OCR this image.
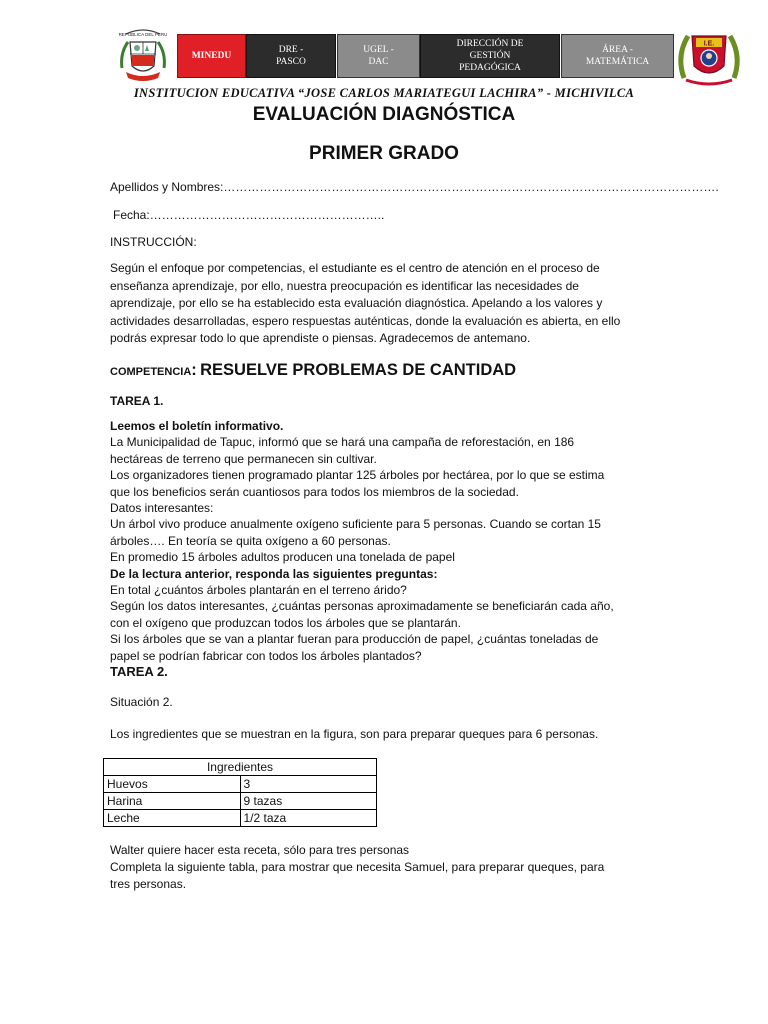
REPUBLICA DEL PERU
MINEDU
DRE -
PASCO
UGEL -
DAC
DIRECCIÓN DE
GESTIÓN
PEDAGÓGICA
ÁREA -
MATEMÁTICA
I.E.
INSTITUCION EDUCATIVA “JOSE CARLOS MARIATEGUI LACHIRA” - MICHIVILCA
EVALUACIÓN DIAGNÓSTICA
PRIMER GRADO
Apellidos y Nombres:…………………………………………………………………………………………………………….
Fecha:…………………………………………………..
INSTRUCCIÓN:
Según el enfoque por competencias, el estudiante es el centro de atención en el proceso de
enseñanza aprendizaje, por ello, nuestra preocupación es identificar las necesidades de
aprendizaje, por ello se ha establecido esta evaluación diagnóstica. Apelando a los valores y
actividades desarrolladas, espero respuestas auténticas, donde la evaluación es abierta, en ello
podrás expresar todo lo que aprendiste o piensas. Agradecemos de antemano.
COMPETENCIA: RESUELVE PROBLEMAS DE CANTIDAD
TAREA 1.
Leemos el boletín informativo.
La Municipalidad de Tapuc, informó que se hará una campaña de reforestación, en 186
hectáreas de terreno que permanecen sin cultivar.
Los organizadores tienen programado plantar 125 árboles por hectárea, por lo que se estima
que los beneficios serán cuantiosos para todos los miembros de la sociedad.
Datos interesantes:
Un árbol vivo produce anualmente oxígeno suficiente para 5 personas. Cuando se cortan 15
árboles…. En teoría se quita oxígeno a 60 personas.
En promedio 15 árboles adultos producen una tonelada de papel
De la lectura anterior, responda las siguientes preguntas:
En total ¿cuántos árboles plantarán en el terreno árido?
Según los datos interesantes, ¿cuántas personas aproximadamente se beneficiarán cada año,
con el oxígeno que produzcan todos los árboles que se plantarán.
Si los árboles que se van a plantar fueran para producción de papel, ¿cuántas toneladas de
papel se podrían fabricar con todos los árboles plantados?
TAREA 2.
Situación 2.
Los ingredientes que se muestran en la figura, son para preparar queques para 6 personas.
Ingredientes	
Huevos	3
Harina	9 tazas
Leche	1/2 taza
Walter quiere hacer esta receta, sólo para tres personas
Completa la siguiente tabla, para mostrar que necesita Samuel, para preparar queques, para
tres personas.
